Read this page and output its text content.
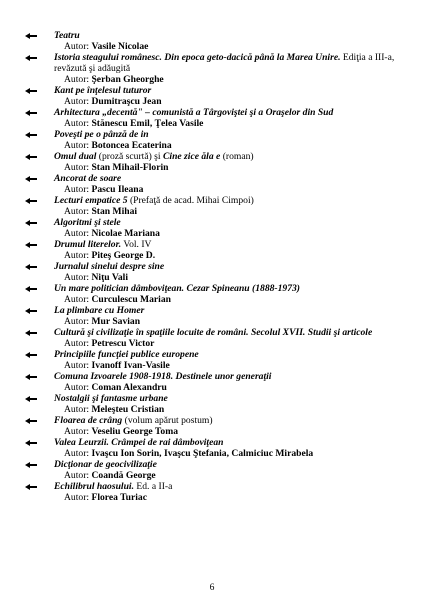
Teatru
Autor: Vasile Nicolae
Istoria steagului românesc. Din epoca geto-dacică până la Marea Unire. Ediţia a III-a, revăzută şi adăugită
Autor: Şerban Gheorghe
Kant pe înţelesul tuturor
Autor: Dumitraşcu Jean
Arhitectura „decentă" – comunistă a Târgoviştei şi a Oraşelor din Sud
Autor: Stănescu Emil, Ţelea Vasile
Poveşti pe o pânză de in
Autor: Botoncea Ecaterina
Omul dual (proză scurtă) şi Cine zice ăla e (roman)
Autor: Stan Mihail-Florin
Ancorat de soare
Autor: Pascu Ileana
Lecturi empatice 5 (Prefaţă de acad. Mihai Cimpoi)
Autor: Stan Mihai
Algoritmi şi stele
Autor: Nicolae Mariana
Drumul literelor. Vol. IV
Autor: Piteş George D.
Jurnalul sinelui despre sine
Autor: Niţu Vali
Un mare politician dâmboviţean. Cezar Spineanu (1888-1973)
Autor: Curculescu Marian
La plimbare cu Homer
Autor: Mur Savian
Cultură şi civilizaţie în spaţiile locuite de români. Secolul XVII. Studii şi articole
Autor: Petrescu Victor
Principiile funcţiei publice europene
Autor: Ivanoff Ivan-Vasile
Comuna Izvoarele 1908-1918. Destinele unor generaţii
Autor: Coman Alexandru
Nostalgii şi fantasme urbane
Autor: Meleşteu Cristian
Floarea de crâng (volum apărut postum)
Autor: Veseliu George Toma
Valea Leurzii. Crâmpei de rai dâmboviţean
Autor: Ivaşcu Ion Sorin, Ivaşcu Ştefania, Calmiciuc Mirabela
Dicţionar de geocivilizaţie
Autor: Coandă George
Echilibrul haosului. Ed. a II-a
Autor: Florea Turiac
6
